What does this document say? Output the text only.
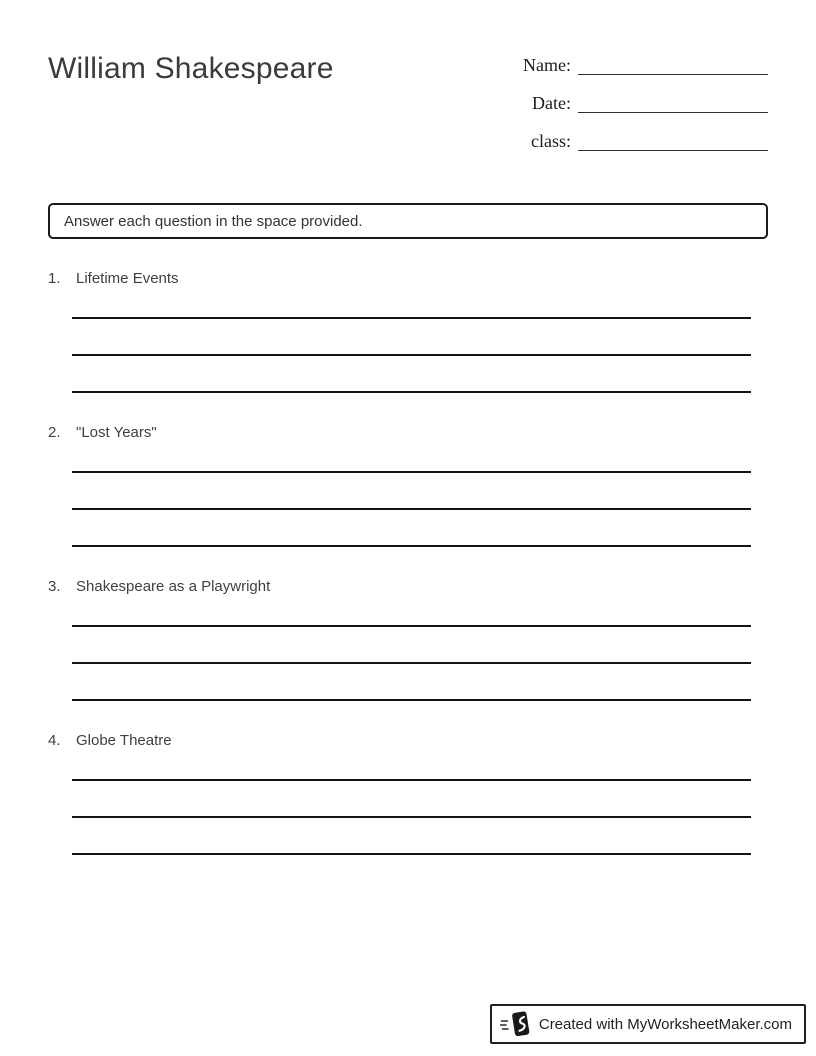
William Shakespeare	Name:
Date:
class:
Answer each question in the space provided.
1.	Lifetime Events
2.	"Lost Years"
3.	Shakespeare as a Playwright
4.	Globe Theatre
Created with MyWorksheetMaker.com
